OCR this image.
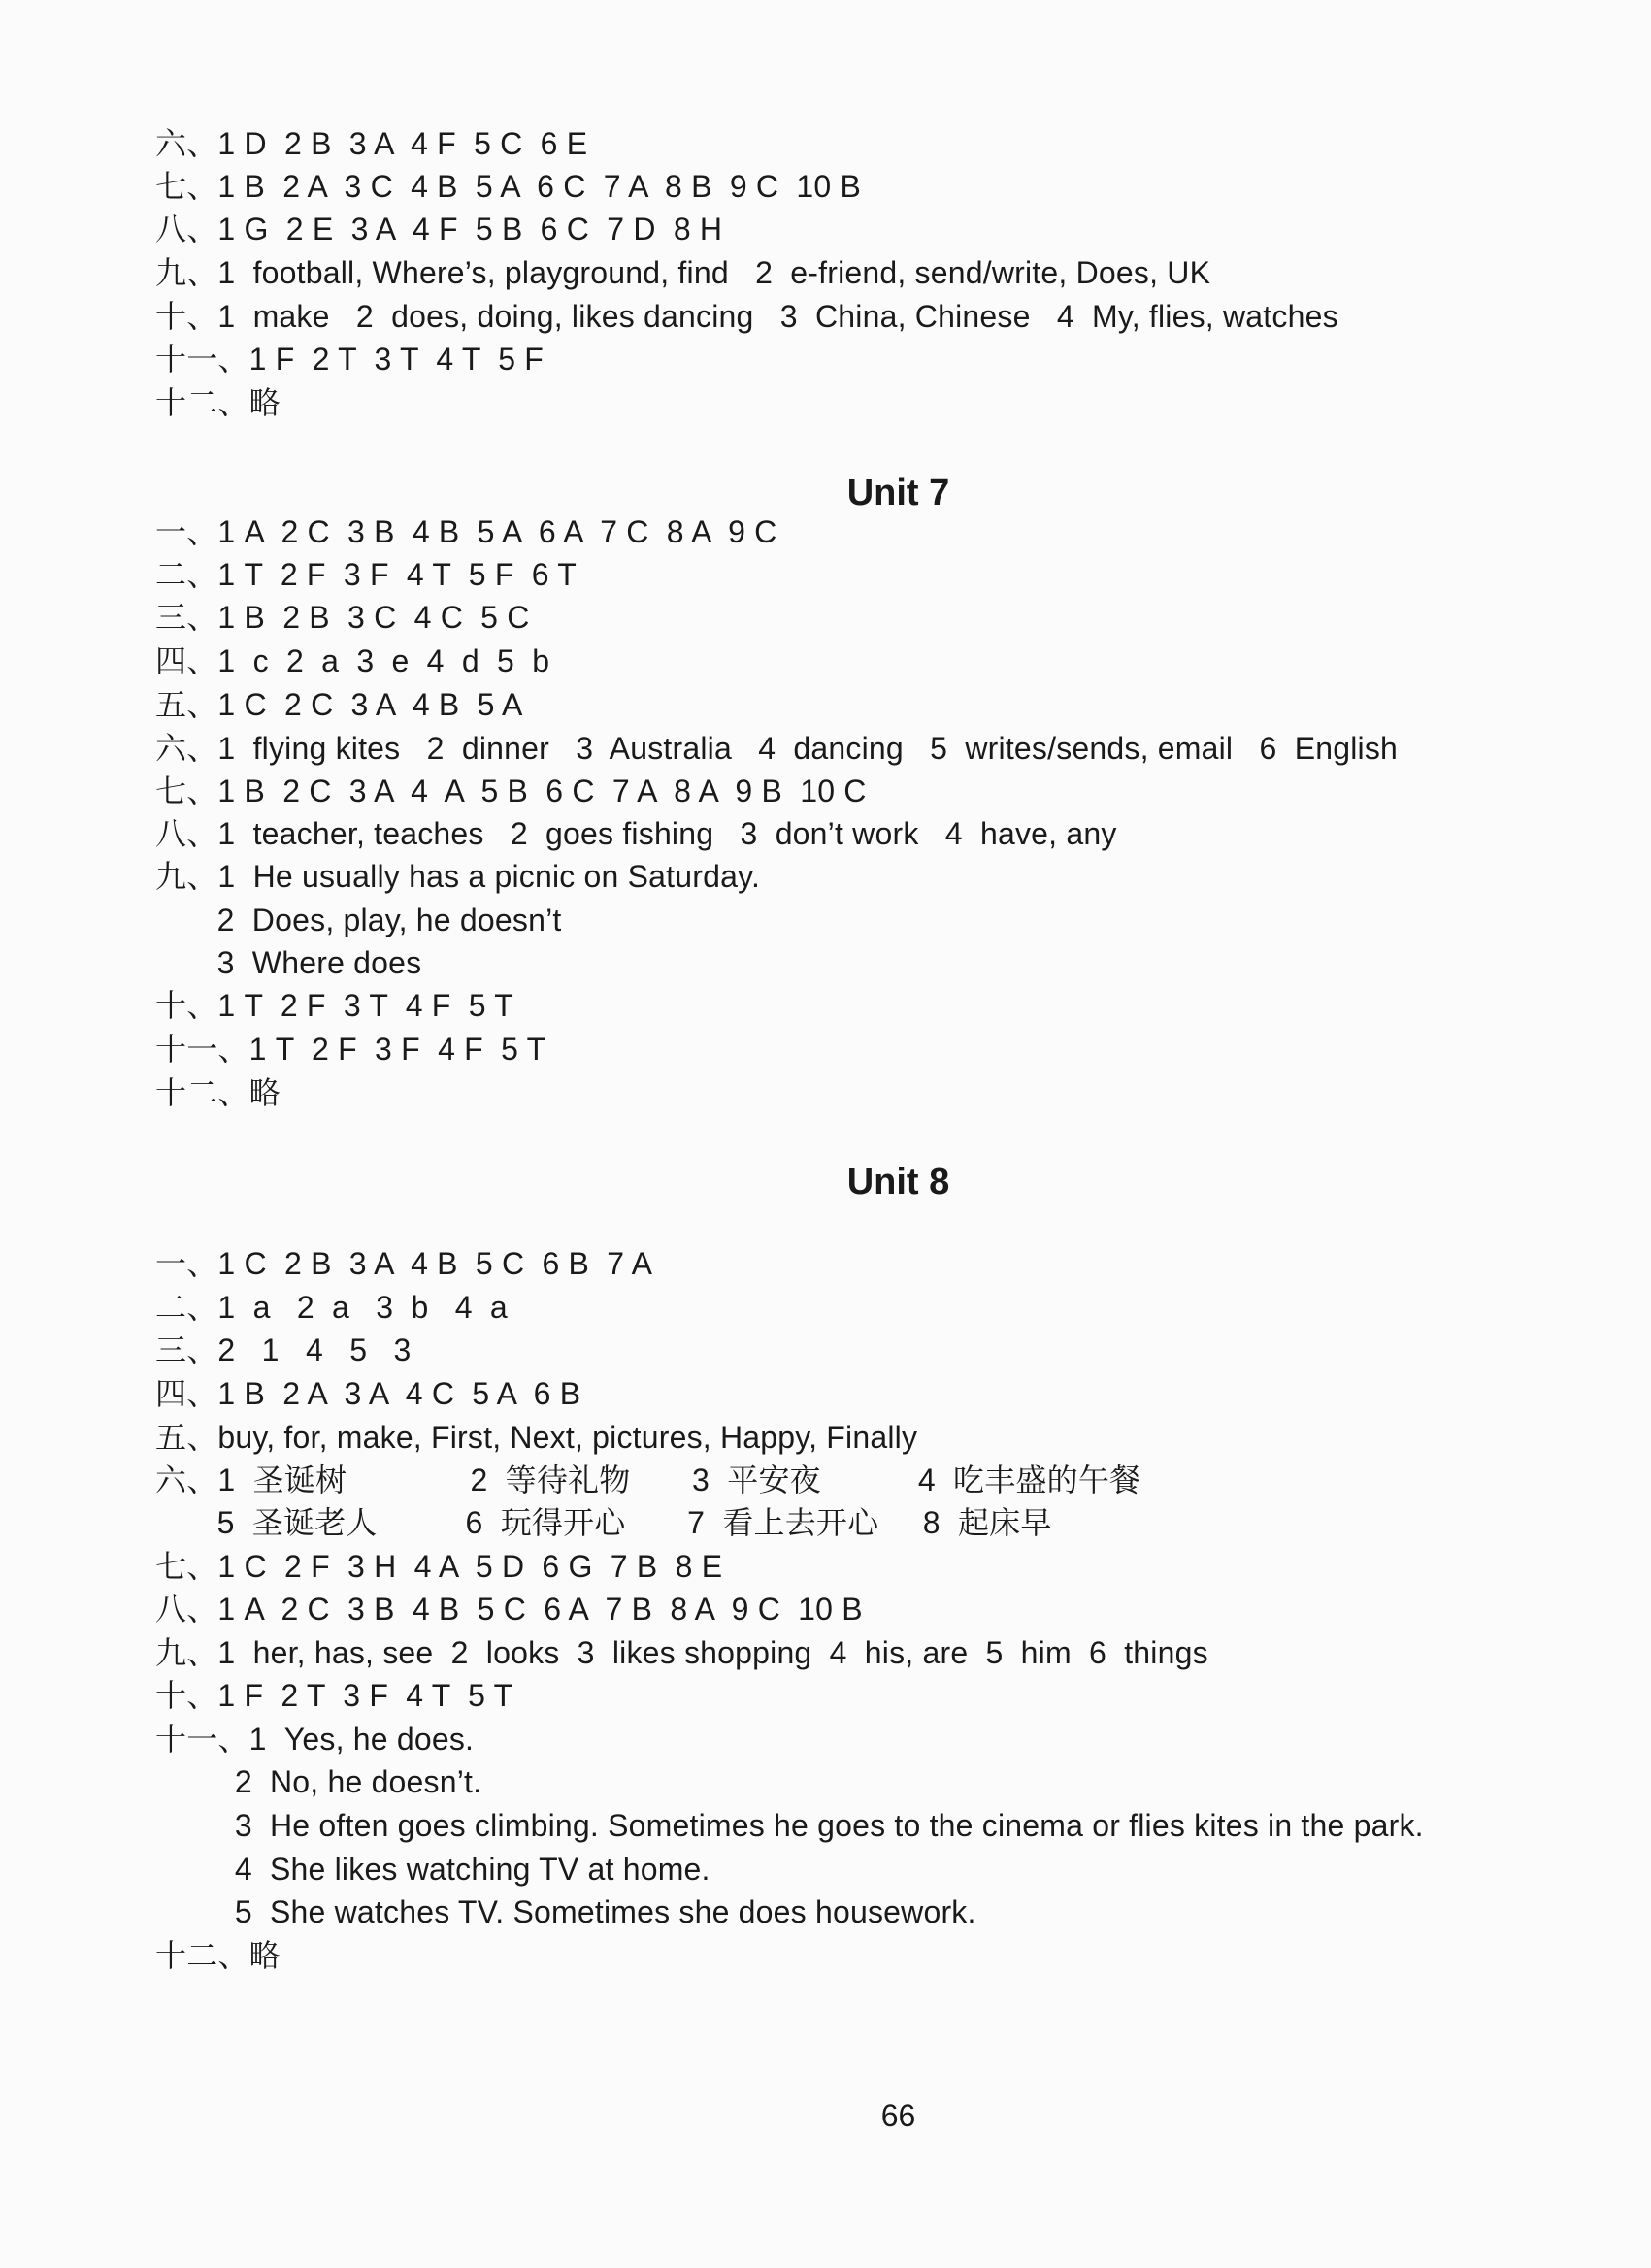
六、1 D  2 B  3 A  4 F  5 C  6 E
七、1 B  2 A  3 C  4 B  5 A  6 C  7 A  8 B  9 C  10 B
八、1 G  2 E  3 A  4 F  5 B  6 C  7 D  8 H
九、1  football, Where’s, playground, find   2  e-friend, send/write, Does, UK
十、1  make   2  does, doing, likes dancing   3  China, Chinese   4  My, flies, watches
十一、1 F  2 T  3 T  4 T  5 F
十二、略
Unit 7
一、1 A  2 C  3 B  4 B  5 A  6 A  7 C  8 A  9 C
二、1 T  2 F  3 F  4 T  5 F  6 T
三、1 B  2 B  3 C  4 C  5 C
四、1  c  2  a  3  e  4  d  5  b
五、1 C  2 C  3 A  4 B  5 A
六、1  flying kites   2  dinner   3  Australia   4  dancing   5  writes/sends, email   6  English
七、1 B  2 C  3 A  4  A  5 B  6 C  7 A  8 A  9 B  10 C
八、1  teacher, teaches   2  goes fishing   3  don’t work   4  have, any
九、1  He usually has a picnic on Saturday.
2  Does, play, he doesn’t
3  Where does
十、1 T  2 F  3 T  4 F  5 T
十一、1 T  2 F  3 F  4 F  5 T
十二、略
Unit 8
一、1 C  2 B  3 A  4 B  5 C  6 B  7 A
二、1  a   2  a   3  b   4  a
三、2   1   4   5   3
四、1 B  2 A  3 A  4 C  5 A  6 B
五、buy, for, make, First, Next, pictures, Happy, Finally
六、1  圣诞树              2  等待礼物       3  平安夜           4  吃丰盛的午餐
5  圣诞老人          6  玩得开心       7  看上去开心     8  起床早
七、1 C  2 F  3 H  4 A  5 D  6 G  7 B  8 E
八、1 A  2 C  3 B  4 B  5 C  6 A  7 B  8 A  9 C  10 B
九、1  her, has, see  2  looks  3  likes shopping  4  his, are  5  him  6  things
十、1 F  2 T  3 F  4 T  5 T
十一、1  Yes, he does.
2  No, he doesn’t.
3  He often goes climbing. Sometimes he goes to the cinema or flies kites in the park.
4  She likes watching TV at home.
5  She watches TV. Sometimes she does housework.
十二、略
66
